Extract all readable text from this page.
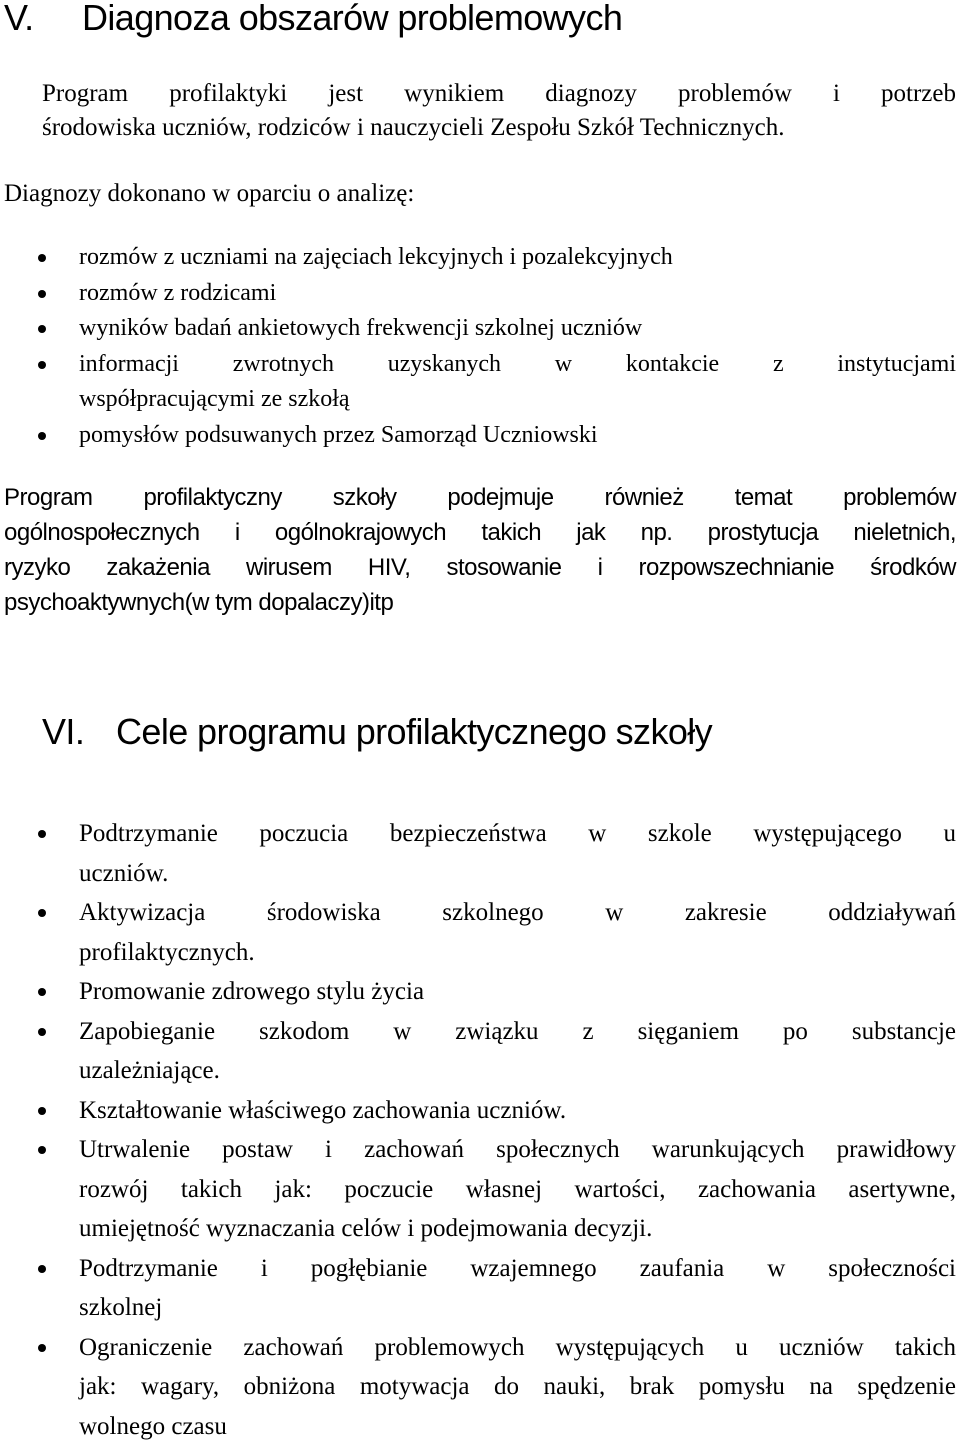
V. Diagnoza obszarów problemowych
Program profilaktyki jest wynikiem diagnozy problemów i potrzeb
środowiska uczniów, rodziców i nauczycieli Zespołu Szkół Technicznych.
Diagnozy dokonano w oparciu o analizę:
rozmów z uczniami na zajęciach lekcyjnych i pozalekcyjnych
rozmów z rodzicami
wyników badań ankietowych frekwencji szkolnej uczniów
informacji zwrotnych uzyskanych w kontakcie z instytucjami
współpracującymi ze szkołą
pomysłów podsuwanych przez Samorząd Uczniowski
Program profilaktyczny szkoły podejmuje również temat problemów
ogólnospołecznych i ogólnokrajowych takich jak np. prostytucja nieletnich,
ryzyko zakażenia wirusem HIV, stosowanie i rozpowszechnianie środków
psychoaktywnych(w tym dopalaczy)itp
VI. Cele programu profilaktycznego szkoły
Podtrzymanie poczucia bezpieczeństwa w szkole występującego u
uczniów.
Aktywizacja środowiska szkolnego w zakresie oddziaływań
profilaktycznych.
Promowanie zdrowego stylu życia
Zapobieganie szkodom w związku z sięganiem po substancje
uzależniające.
Kształtowanie właściwego zachowania uczniów.
Utrwalenie postaw i zachowań społecznych warunkujących prawidłowy
rozwój takich jak: poczucie własnej wartości, zachowania asertywne,
umiejętność wyznaczania celów i podejmowania decyzji.
Podtrzymanie i pogłębianie wzajemnego zaufania w społeczności
szkolnej
Ograniczenie zachowań problemowych występujących u uczniów takich
jak: wagary, obniżona motywacja do nauki, brak pomysłu na spędzenie
wolnego czasu
